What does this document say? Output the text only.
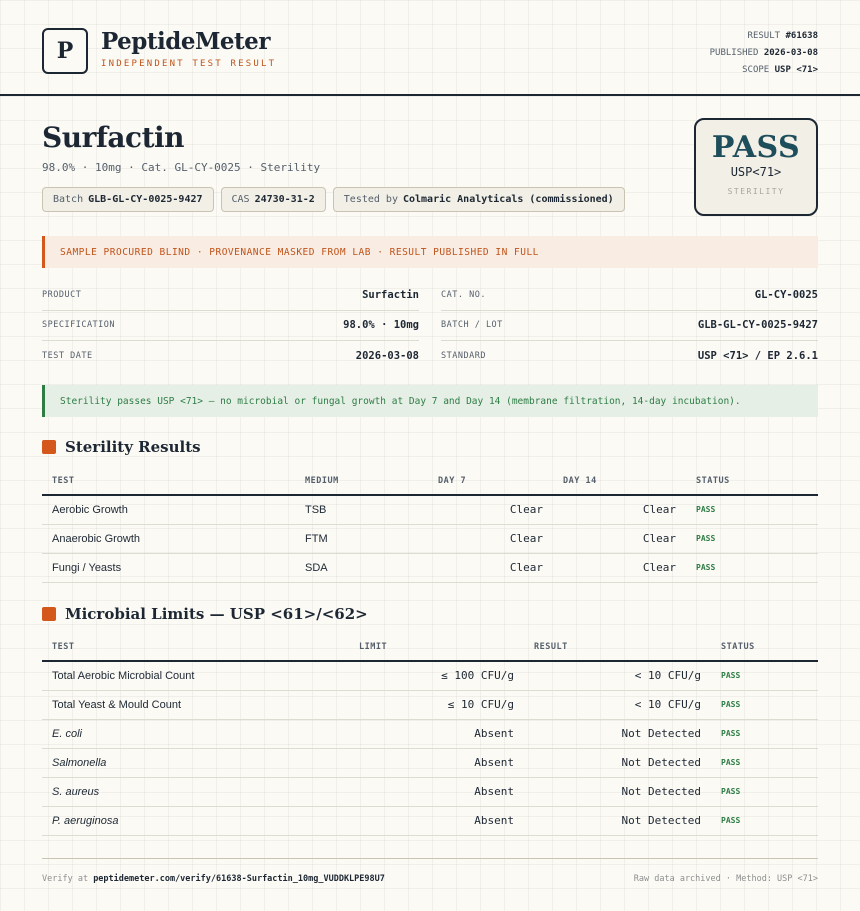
P	PeptideMeter
INDEPENDENT TEST RESULT
RESULT #61638
PUBLISHED 2026-03-08
SCOPE USP <71>
Surfactin
98.0% · 10mg · Cat. GL-CY-0025 · Sterility
Batch GLB-GL-CY-0025-9427	CAS 24730-31-2	Tested by Colmaric Analyticals (commissioned)
PASS
USP<71>
STERILITY
SAMPLE PROCURED BLIND · PROVENANCE MASKED FROM LAB · RESULT PUBLISHED IN FULL
PRODUCT	Surfactin
SPECIFICATION	98.0% · 10mg
TEST DATE	2026-03-08
CAT. NO.	GL-CY-0025
BATCH / LOT	GLB-GL-CY-0025-9427
STANDARD	USP <71> / EP 2.6.1
Sterility passes USP <71> — no microbial or fungal growth at Day 7 and Day 14 (membrane filtration, 14-day incubation).
Sterility Results
TEST	MEDIUM	DAY 7	DAY 14	STATUS
Aerobic Growth	TSB	Clear	Clear	PASS
Anaerobic Growth	FTM	Clear	Clear	PASS
Fungi / Yeasts	SDA	Clear	Clear	PASS
Microbial Limits — USP <61>/<62>
TEST	LIMIT	RESULT	STATUS
Total Aerobic Microbial Count	≤ 100 CFU/g	< 10 CFU/g	PASS
Total Yeast & Mould Count	≤ 10 CFU/g	< 10 CFU/g	PASS
E. coli	Absent	Not Detected	PASS
Salmonella	Absent	Not Detected	PASS
S. aureus	Absent	Not Detected	PASS
P. aeruginosa	Absent	Not Detected	PASS
Verify at peptidemeter.com/verify/61638-Surfactin_10mg_VUDDKLPE98U7	Raw data archived · Method: USP <71>
